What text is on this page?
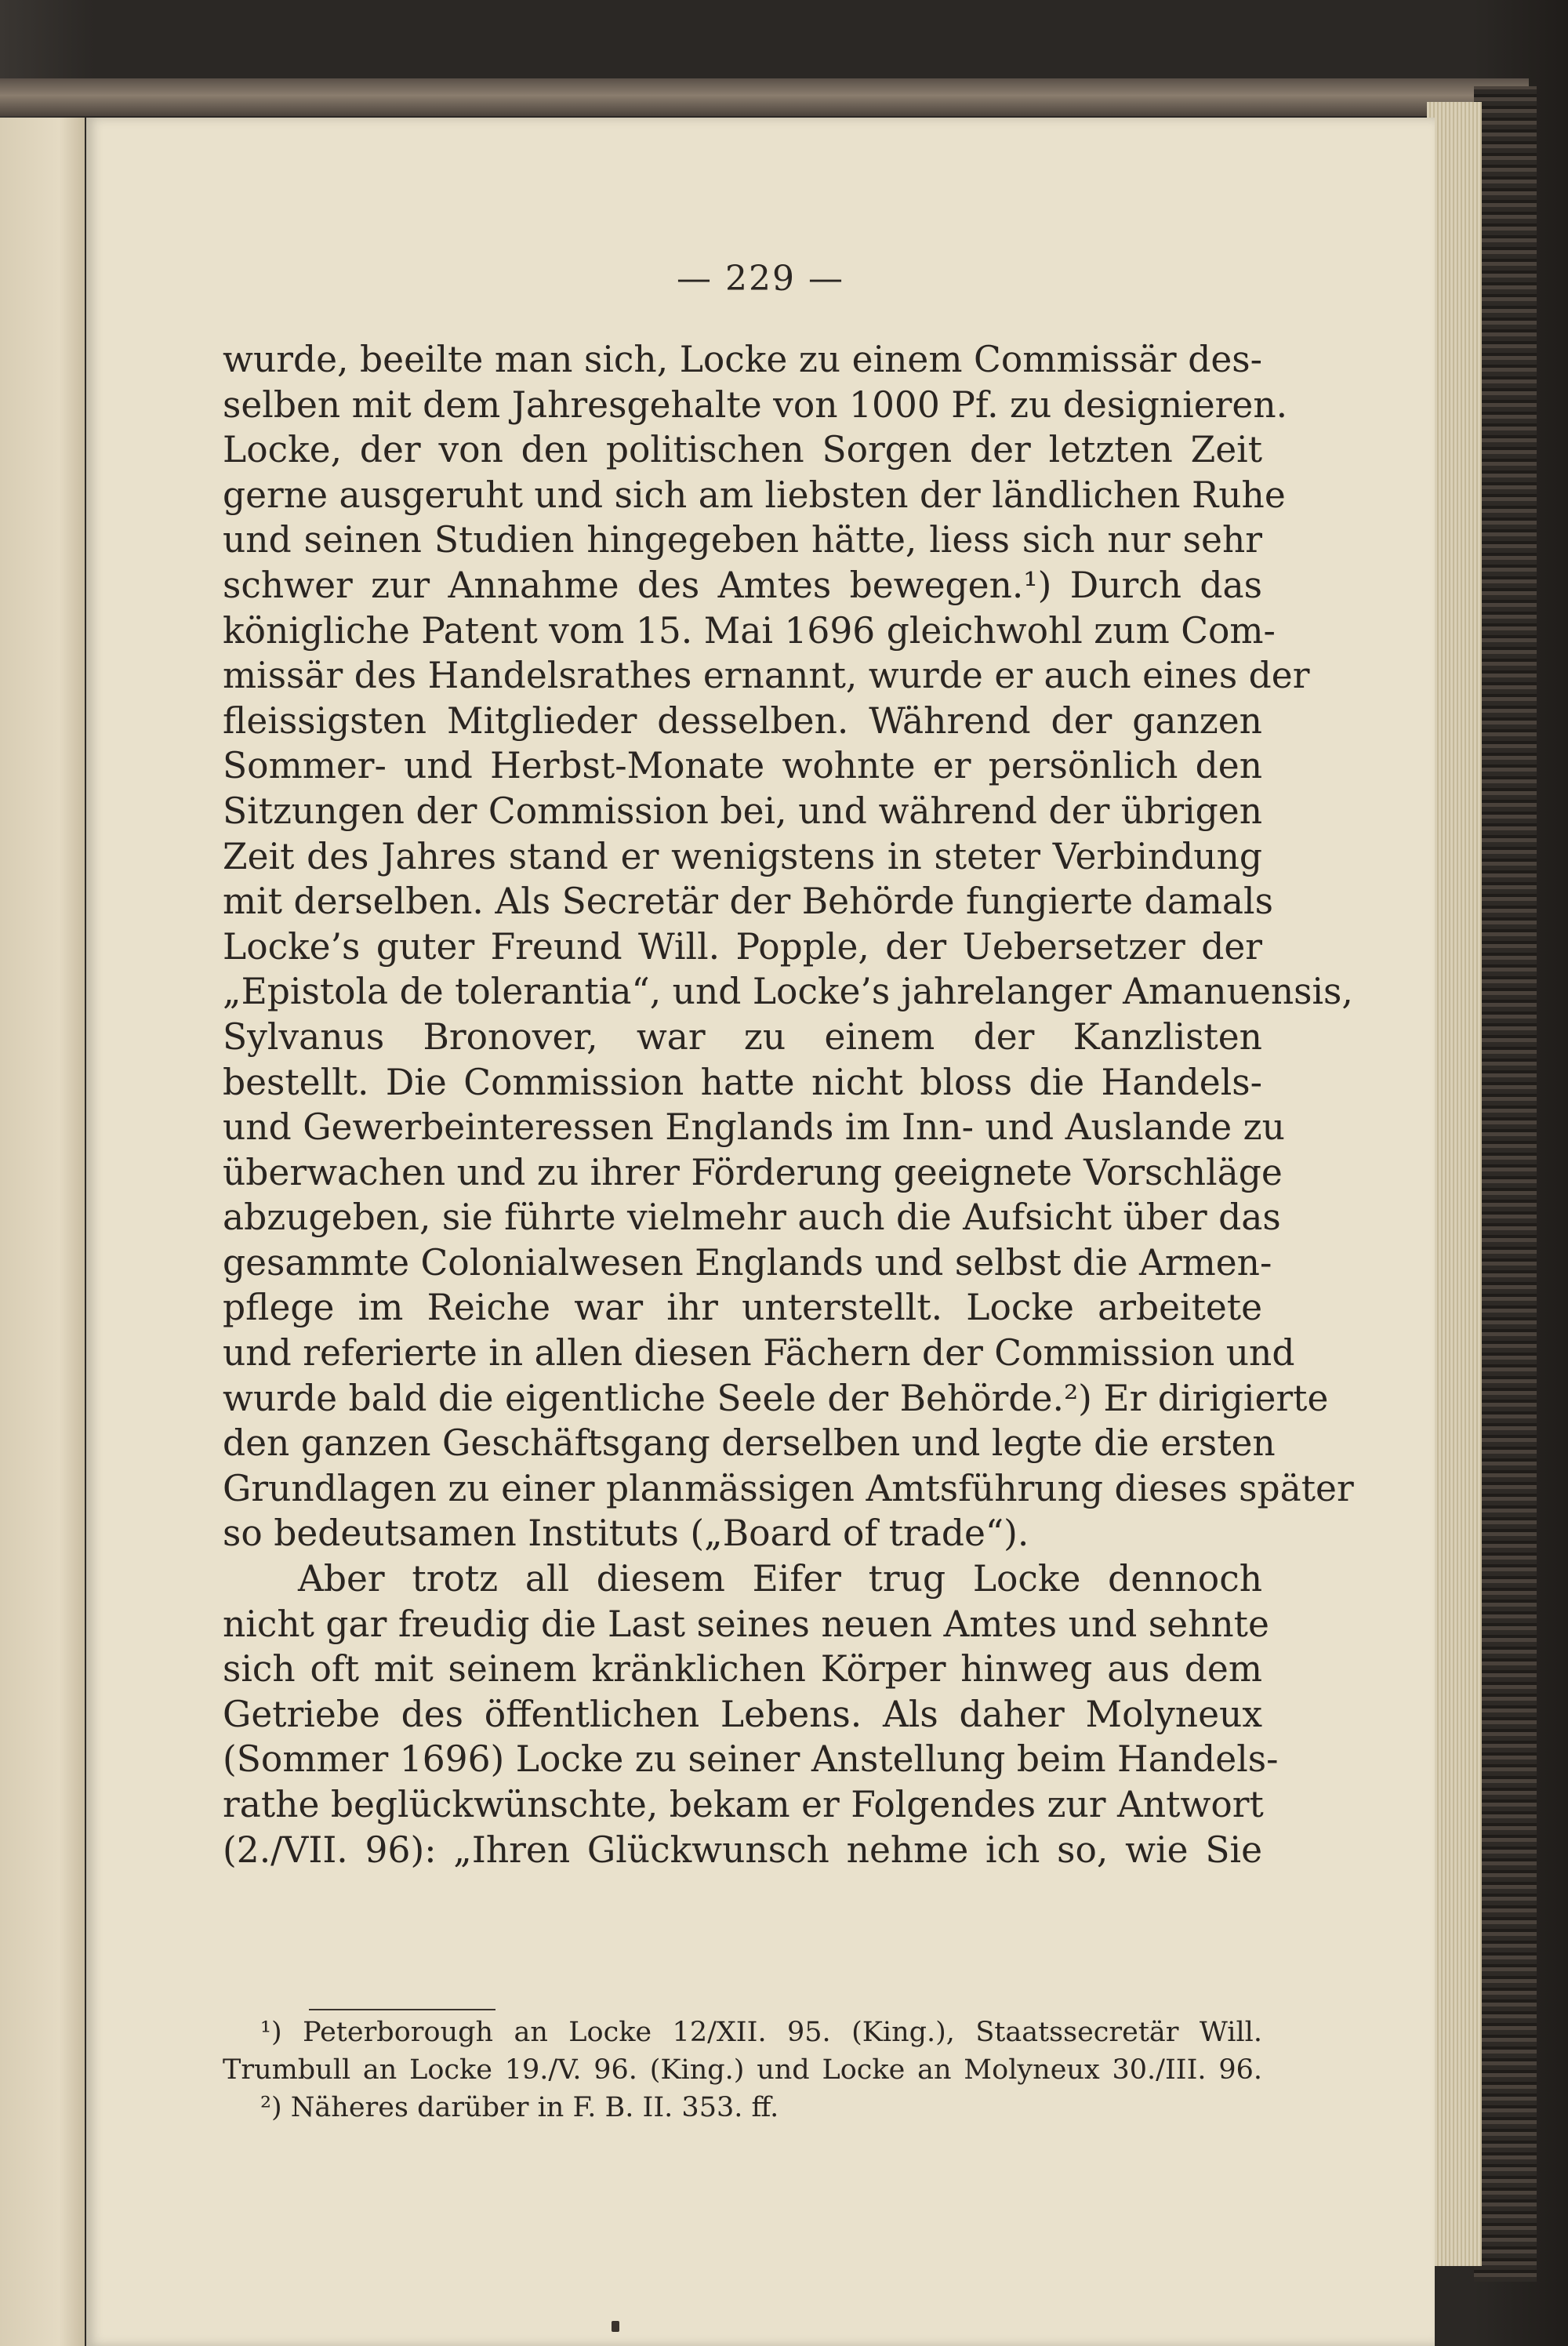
— 229 —
wurde, beeilte man sich, Locke zu einem Commissär des-
selben mit dem Jahresgehalte von 1000 Pf. zu designieren.
Locke, der von den politischen Sorgen der letzten Zeit
gerne ausgeruht und sich am liebsten der ländlichen Ruhe
und seinen Studien hingegeben hätte, liess sich nur sehr
schwer zur Annahme des Amtes bewegen.¹) Durch das
königliche Patent vom 15. Mai 1696 gleichwohl zum Com-
missär des Handelsrathes ernannt, wurde er auch eines der
fleissigsten Mitglieder desselben. Während der ganzen
Sommer- und Herbst-Monate wohnte er persönlich den
Sitzungen der Commission bei, und während der übrigen
Zeit des Jahres stand er wenigstens in steter Verbindung
mit derselben. Als Secretär der Behörde fungierte damals
Locke’s guter Freund Will. Popple, der Uebersetzer der
„Epistola de tolerantia“, und Locke’s jahrelanger Amanuensis,
Sylvanus Bronover, war zu einem der Kanzlisten
bestellt. Die Commission hatte nicht bloss die Handels-
und Gewerbeinteressen Englands im Inn- und Auslande zu
überwachen und zu ihrer Förderung geeignete Vorschläge
abzugeben, sie führte vielmehr auch die Aufsicht über das
gesammte Colonialwesen Englands und selbst die Armen-
pflege im Reiche war ihr unterstellt. Locke arbeitete
und referierte in allen diesen Fächern der Commission und
wurde bald die eigentliche Seele der Behörde.²) Er dirigierte
den ganzen Geschäftsgang derselben und legte die ersten
Grundlagen zu einer planmässigen Amtsführung dieses später
so bedeutsamen Instituts („Board of trade“).
Aber trotz all diesem Eifer trug Locke dennoch
nicht gar freudig die Last seines neuen Amtes und sehnte
sich oft mit seinem kränklichen Körper hinweg aus dem
Getriebe des öffentlichen Lebens. Als daher Molyneux
(Sommer 1696) Locke zu seiner Anstellung beim Handels-
rathe beglückwünschte, bekam er Folgendes zur Antwort
(2./VII. 96): „Ihren Glückwunsch nehme ich so, wie Sie
¹) Peterborough an Locke 12/XII. 95. (King.), Staatssecretär Will.
Trumbull an Locke 19./V. 96. (King.) und Locke an Molyneux 30./III. 96.
²) Näheres darüber in F. B. II. 353. ff.
